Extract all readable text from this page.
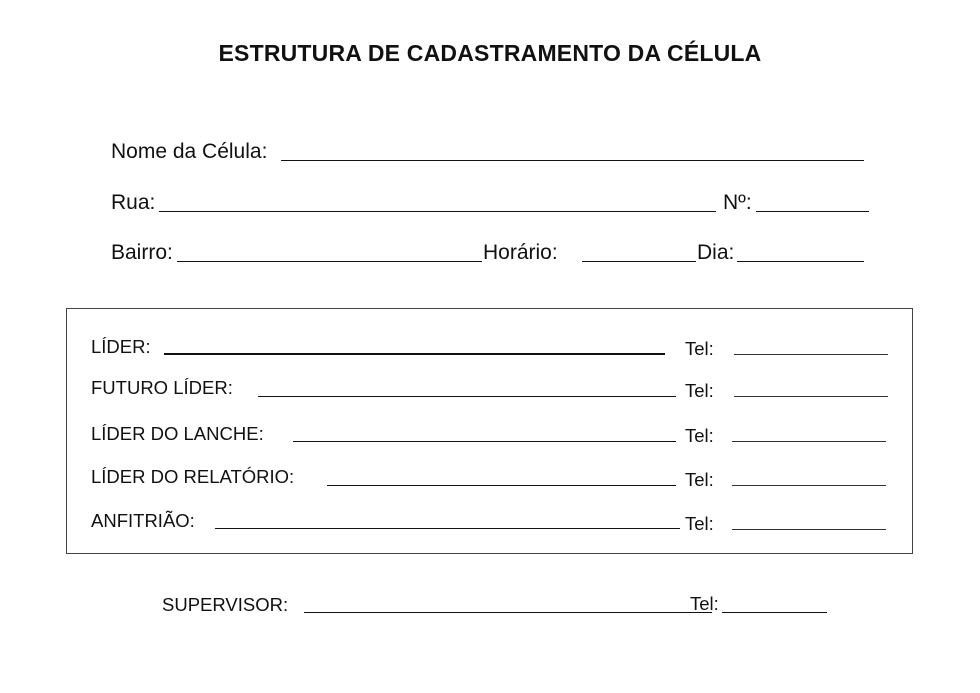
ESTRUTURA DE CADASTRAMENTO DA CÉLULA
Nome da Célula:
Rua:	Nº:
Bairro:	Horário:	Dia:
LÍDER:	Tel:
FUTURO LÍDER:	Tel:
LÍDER DO LANCHE:	Tel:
LÍDER DO RELATÓRIO:	Tel:
ANFITRIÃO:	Tel:
SUPERVISOR:	Tel:
